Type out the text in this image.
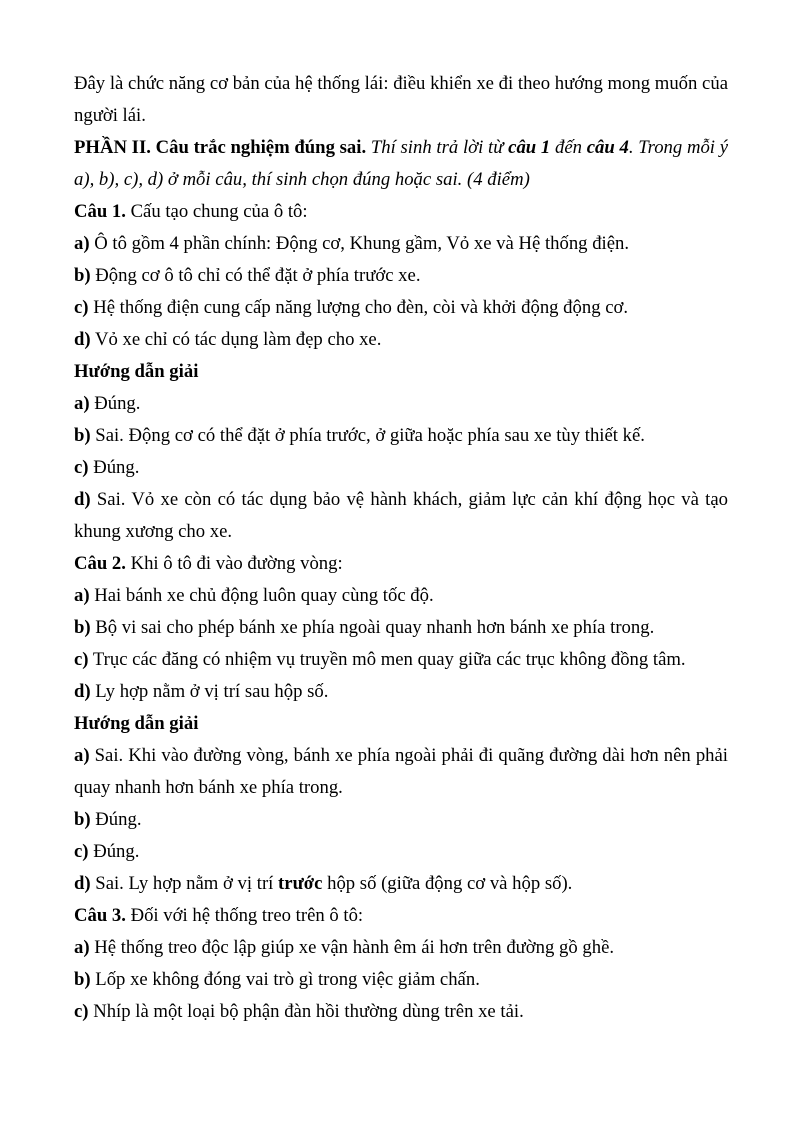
Đây là chức năng cơ bản của hệ thống lái: điều khiển xe đi theo hướng mong muốn của người lái.

PHẦN II. Câu trắc nghiệm đúng sai. Thí sinh trả lời từ câu 1 đến câu 4. Trong mỗi ý a), b), c), d) ở mỗi câu, thí sinh chọn đúng hoặc sai. (4 điểm)

Câu 1. Cấu tạo chung của ô tô:

a) Ô tô gồm 4 phần chính: Động cơ, Khung gầm, Vỏ xe và Hệ thống điện.

b) Động cơ ô tô chỉ có thể đặt ở phía trước xe.

c) Hệ thống điện cung cấp năng lượng cho đèn, còi và khởi động động cơ.

d) Vỏ xe chỉ có tác dụng làm đẹp cho xe.

Hướng dẫn giải

a) Đúng.

b) Sai. Động cơ có thể đặt ở phía trước, ở giữa hoặc phía sau xe tùy thiết kế.

c) Đúng.

d) Sai. Vỏ xe còn có tác dụng bảo vệ hành khách, giảm lực cản khí động học và tạo khung xương cho xe.

Câu 2. Khi ô tô đi vào đường vòng:

a) Hai bánh xe chủ động luôn quay cùng tốc độ.

b) Bộ vi sai cho phép bánh xe phía ngoài quay nhanh hơn bánh xe phía trong.

c) Trục các đăng có nhiệm vụ truyền mô men quay giữa các trục không đồng tâm.

d) Ly hợp nằm ở vị trí sau hộp số.

Hướng dẫn giải

a) Sai. Khi vào đường vòng, bánh xe phía ngoài phải đi quãng đường dài hơn nên phải quay nhanh hơn bánh xe phía trong.

b) Đúng.

c) Đúng.

d) Sai. Ly hợp nằm ở vị trí trước hộp số (giữa động cơ và hộp số).

Câu 3. Đối với hệ thống treo trên ô tô:

a) Hệ thống treo độc lập giúp xe vận hành êm ái hơn trên đường gồ ghề.

b) Lốp xe không đóng vai trò gì trong việc giảm chấn.

c) Nhíp là một loại bộ phận đàn hồi thường dùng trên xe tải.
